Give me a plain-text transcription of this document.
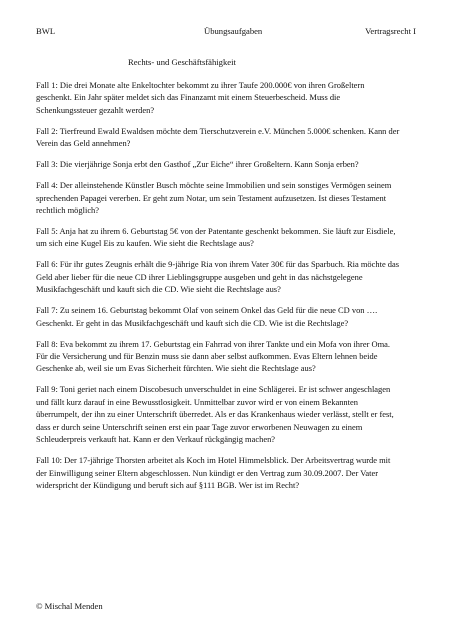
BWL	Übungsaufgaben	Vertragsrecht I
Rechts- und Geschäftsfähigkeit

Fall 1: Die drei Monate alte Enkeltochter bekommt zu ihrer Taufe 200.000€ von ihren Großeltern geschenkt. Ein Jahr später meldet sich das Finanzamt mit einem Steuerbescheid. Muss die Schenkungssteuer gezahlt werden?

Fall 2: Tierfreund Ewald Ewaldsen möchte dem Tierschutzverein e.V. München 5.000€ schenken. Kann der Verein das Geld annehmen?

Fall 3: Die vierjährige Sonja erbt den Gasthof „Zur Eiche“ ihrer Großeltern. Kann Sonja erben?

Fall 4: Der alleinstehende Künstler Busch möchte seine Immobilien und sein sonstiges Vermögen seinem sprechenden Papagei vererben. Er geht zum Notar, um sein Testament aufzusetzen. Ist dieses Testament rechtlich möglich?

Fall 5: Anja hat zu ihrem 6. Geburtstag 5€ von der Patentante geschenkt bekommen. Sie läuft zur Eisdiele, um sich eine Kugel Eis zu kaufen. Wie sieht die Rechtslage aus?

Fall 6: Für ihr gutes Zeugnis erhält die 9-jährige Ria von ihrem Vater 30€ für das Sparbuch. Ria möchte das Geld aber lieber für die neue CD ihrer Lieblingsgruppe ausgeben und geht in das nächstgelegene Musikfachgeschäft und kauft sich die CD. Wie sieht die Rechtslage aus?

Fall 7: Zu seinem 16. Geburtstag bekommt Olaf von seinem Onkel das Geld für die neue CD von …. Geschenkt. Er geht in das Musikfachgeschäft und kauft sich die CD. Wie ist die Rechtslage?

Fall 8: Eva bekommt zu ihrem 17. Geburtstag ein Fahrrad von ihrer Tankte und ein Mofa von ihrer Oma. Für die Versicherung und für Benzin muss sie dann aber selbst aufkommen. Evas Eltern lehnen beide Geschenke ab, weil sie um Evas Sicherheit fürchten. Wie sieht die Rechtslage aus?

Fall 9: Toni geriet nach einem Discobesuch unverschuldet in eine Schlägerei. Er ist schwer angeschlagen und fällt kurz darauf in eine Bewusstlosigkeit. Unmittelbar zuvor wird er von einem Bekannten überrumpelt, der ihn zu einer Unterschrift überredet. Als er das Krankenhaus wieder verlässt, stellt er fest, dass er durch seine Unterschrift seinen erst ein paar Tage zuvor erworbenen Neuwagen zu einem Schleuderpreis verkauft hat. Kann er den Verkauf rückgängig machen?

Fall 10: Der 17-jährige Thorsten arbeitet als Koch im Hotel Himmelsblick. Der Arbeitsvertrag wurde mit der Einwilligung seiner Eltern abgeschlossen. Nun kündigt er den Vertrag zum 30.09.2007. Der Vater widerspricht der Kündigung und beruft sich auf §111 BGB. Wer ist im Recht?

© Mischal Menden
